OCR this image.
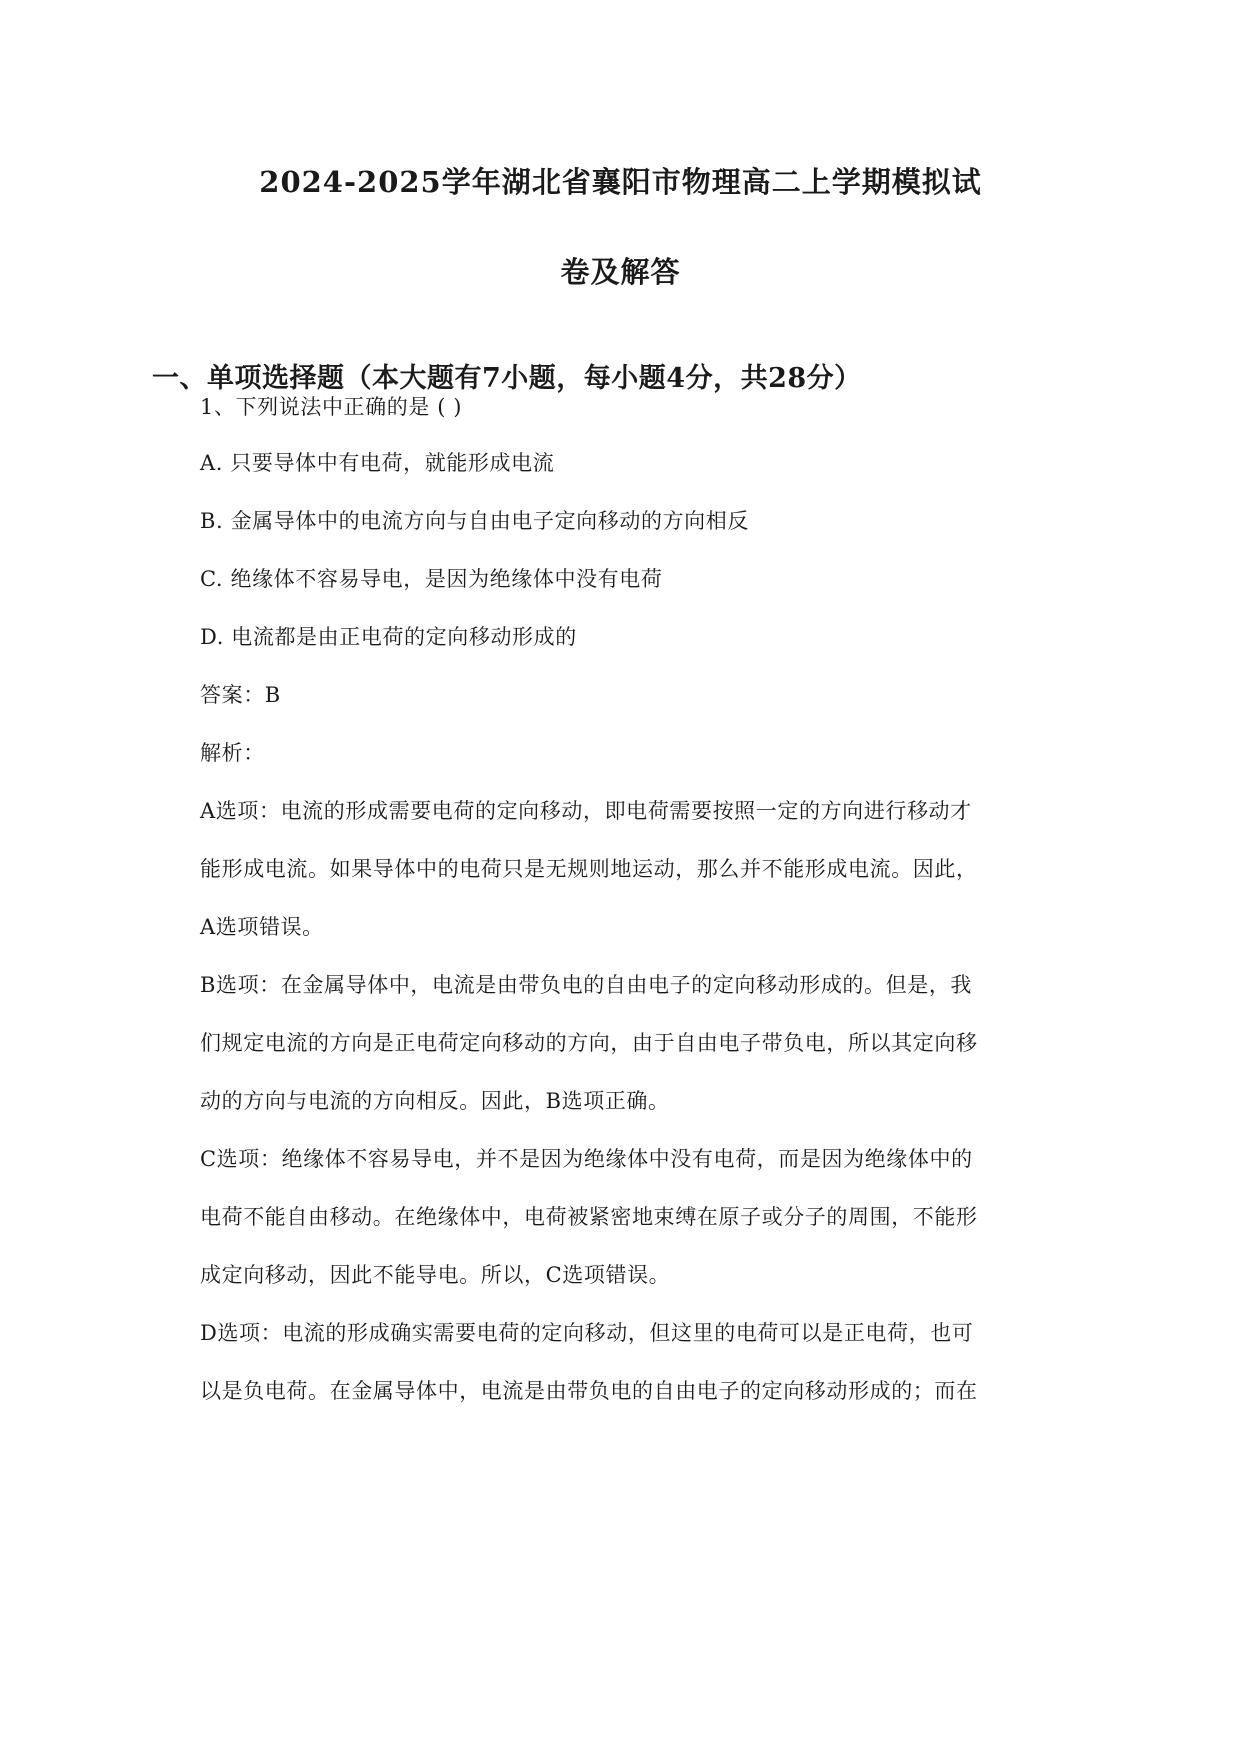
2024-2025学年湖北省襄阳市物理高二上学期模拟试
卷及解答
一、单项选择题（本大题有7小题，每小题4分，共28分）
1、下列说法中正确的是 ( )
A. 只要导体中有电荷，就能形成电流
B. 金属导体中的电流方向与自由电子定向移动的方向相反
C. 绝缘体不容易导电，是因为绝缘体中没有电荷
D. 电流都是由正电荷的定向移动形成的
答案：B
解析：
A选项：电流的形成需要电荷的定向移动，即电荷需要按照一定的方向进行移动才
能形成电流。如果导体中的电荷只是无规则地运动，那么并不能形成电流。因此，
A选项错误。
B选项：在金属导体中，电流是由带负电的自由电子的定向移动形成的。但是，我
们规定电流的方向是正电荷定向移动的方向，由于自由电子带负电，所以其定向移
动的方向与电流的方向相反。因此，B选项正确。
C选项：绝缘体不容易导电，并不是因为绝缘体中没有电荷，而是因为绝缘体中的
电荷不能自由移动。在绝缘体中，电荷被紧密地束缚在原子或分子的周围，不能形
成定向移动，因此不能导电。所以，C选项错误。
D选项：电流的形成确实需要电荷的定向移动，但这里的电荷可以是正电荷，也可
以是负电荷。在金属导体中，电流是由带负电的自由电子的定向移动形成的；而在
